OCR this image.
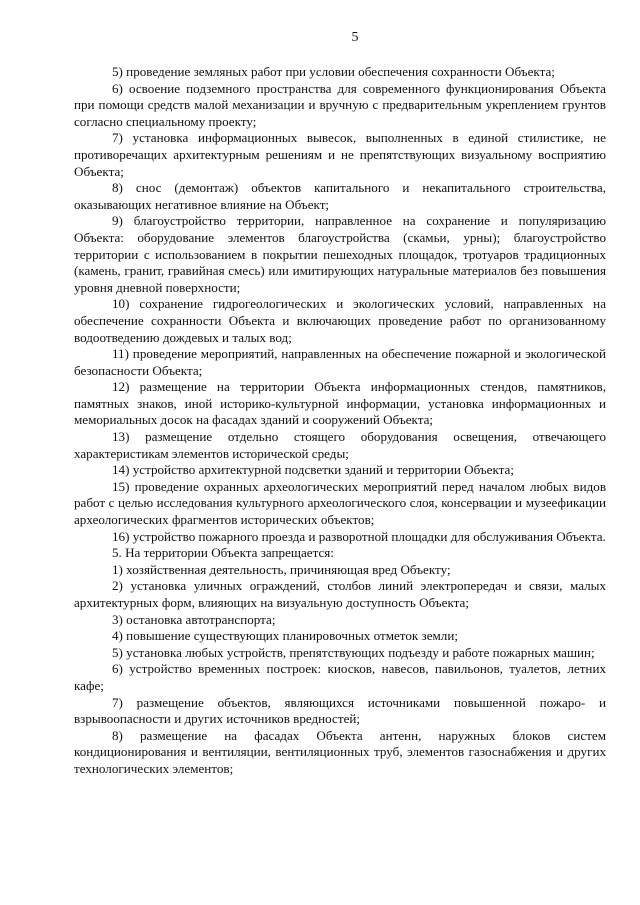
5

5) проведение земляных работ при условии обеспечения сохранности Объекта;

6) освоение подземного пространства для современного функционирования Объекта при помощи средств малой механизации и вручную с предварительным укреплением грунтов согласно специальному проекту;

7) установка информационных вывесок, выполненных в единой стилистике, не противоречащих архитектурным решениям и не препятствующих визуальному восприятию Объекта;

8) снос (демонтаж) объектов капитального и некапитального строительства, оказывающих негативное влияние на Объект;

9) благоустройство территории, направленное на сохранение и популяризацию Объекта: оборудование элементов благоустройства (скамьи, урны); благоустройство территории с использованием в покрытии пешеходных площадок, тротуаров традиционных (камень, гранит, гравийная смесь) или имитирующих натуральные материалов без повышения уровня дневной поверхности;

10) сохранение гидрогеологических и экологических условий, направленных на обеспечение сохранности Объекта и включающих проведение работ по организованному водоотведению дождевых и талых вод;

11) проведение мероприятий, направленных на обеспечение пожарной и экологической безопасности Объекта;

12) размещение на территории Объекта информационных стендов, памятников, памятных знаков, иной историко-культурной информации, установка информационных и мемориальных досок на фасадах зданий и сооружений Объекта;

13) размещение отдельно стоящего оборудования освещения, отвечающего характеристикам элементов исторической среды;

14) устройство архитектурной подсветки зданий и территории Объекта;

15) проведение охранных археологических мероприятий перед началом любых видов работ с целью исследования культурного археологического слоя, консервации и музеефикации археологических фрагментов исторических объектов;

16) устройство пожарного проезда и разворотной площадки для обслуживания Объекта.

5. На территории Объекта запрещается:

1) хозяйственная деятельность, причиняющая вред Объекту;

2) установка уличных ограждений, столбов линий электропередач и связи, малых архитектурных форм, влияющих на визуальную доступность Объекта;

3) остановка автотранспорта;

4) повышение существующих планировочных отметок земли;

5) установка любых устройств, препятствующих подъезду и работе пожарных машин;

6) устройство временных построек: киосков, навесов, павильонов, туалетов, летних кафе;

7) размещение объектов, являющихся источниками повышенной пожаро- и взрывоопасности и других источников вредностей;

8) размещение на фасадах Объекта антенн, наружных блоков систем кондиционирования и вентиляции, вентиляционных труб, элементов газоснабжения и других технологических элементов;
